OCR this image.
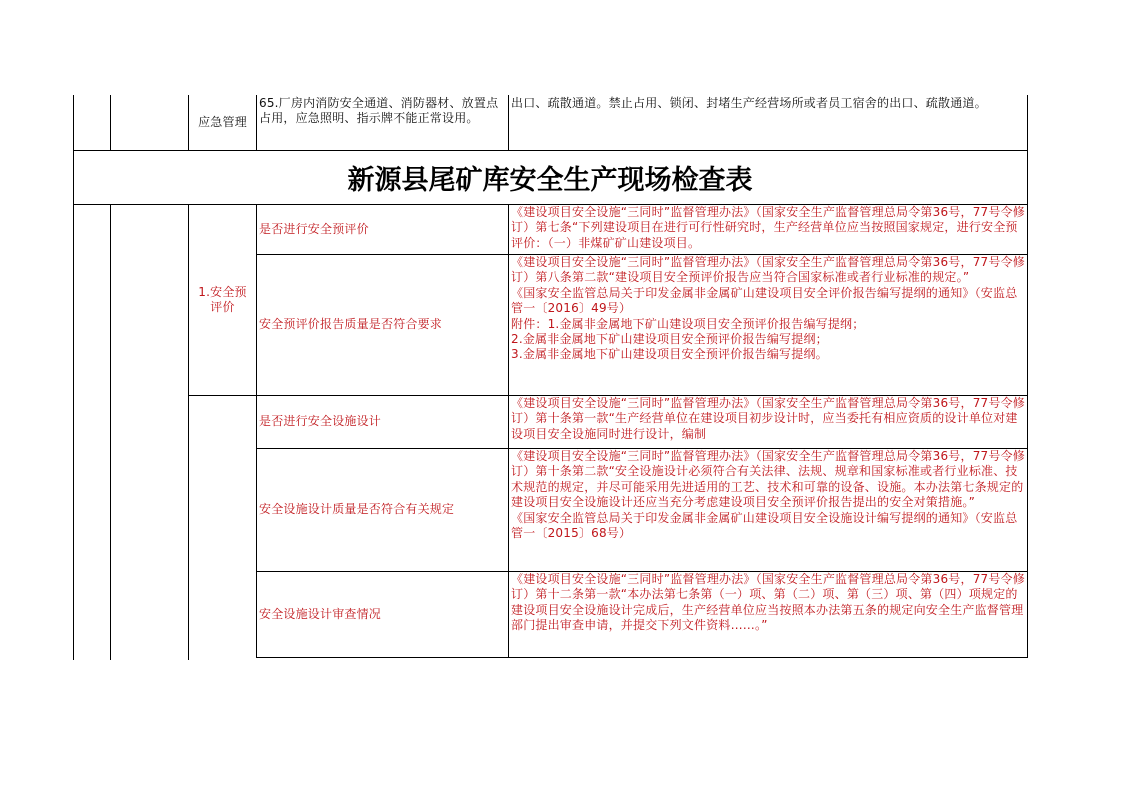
应急管理
65.厂房内消防安全通道、消防器材、放置点占用，应急照明、指示牌不能正常设用。
出口、疏散通道。禁止占用、锁闭、封堵生产经营场所或者员工宿舍的出口、疏散通道。
新源县尾矿库安全生产现场检查表
1.安全预评价
是否进行安全预评价

《建设项目安全设施“三同时”监督管理办法》（国家安全生产监督管理总局令第36号，77号令修订）第七条“下列建设项目在进行可行性研究时，生产经营单位应当按照国家规定，进行安全预评价：（一）非煤矿矿山建设项目。

安全预评价报告质量是否符合要求

《建设项目安全设施“三同时”监督管理办法》（国家安全生产监督管理总局令第36号，77号令修订）第八条第二款“建设项目安全预评价报告应当符合国家标准或者行业标准的规定。”

《国家安全监管总局关于印发金属非金属矿山建设项目安全评价报告编写提纲的通知》（安监总管一〔2016〕49号）

附件：1.金属非金属地下矿山建设项目安全预评价报告编写提纲；

2.金属非金属地下矿山建设项目安全预评价报告编写提纲；

3.金属非金属地下矿山建设项目安全预评价报告编写提纲。

是否进行安全设施设计

《建设项目安全设施“三同时”监督管理办法》（国家安全生产监督管理总局令第36号，77号令修订）第十条第一款“生产经营单位在建设项目初步设计时，应当委托有相应资质的设计单位对建设项目安全设施同时进行设计，编制

安全设施设计质量是否符合有关规定

《建设项目安全设施“三同时”监督管理办法》（国家安全生产监督管理总局令第36号，77号令修订）第十条第二款“安全设施设计必须符合有关法律、法规、规章和国家标准或者行业标准、技术规范的规定，并尽可能采用先进适用的工艺、技术和可靠的设备、设施。本办法第七条规定的建设项目安全设施设计还应当充分考虑建设项目安全预评价报告提出的安全对策措施。”

《国家安全监管总局关于印发金属非金属矿山建设项目安全设施设计编写提纲的通知》（安监总管一〔2015〕68号）

安全设施设计审查情况

《建设项目安全设施“三同时”监督管理办法》（国家安全生产监督管理总局令第36号，77号令修订）第十二条第一款“本办法第七条第（一）项、第（二）项、第（三）项、第（四）项规定的建设项目安全设施设计完成后，生产经营单位应当按照本办法第五条的规定向安全生产监督管理部门提出审查申请，并提交下列文件资料……。”
